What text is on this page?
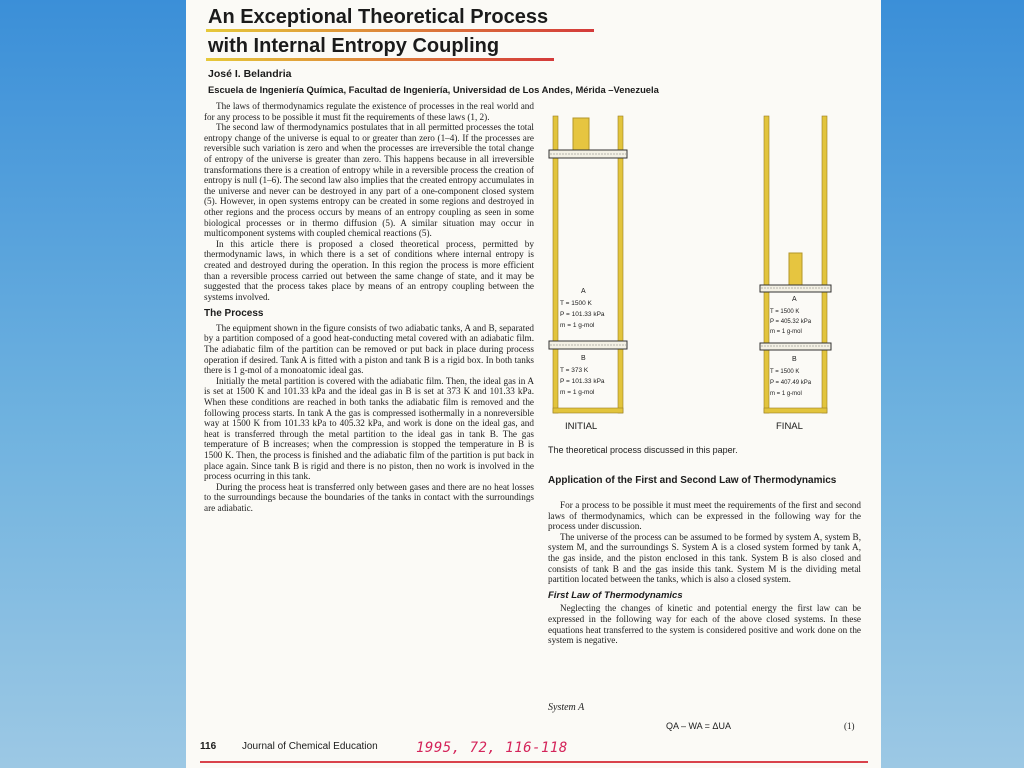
An Exceptional Theoretical Process
with Internal Entropy Coupling
José I. Belandria
Escuela de Ingeniería Química, Facultad de Ingeniería, Universidad de Los Andes, Mérida –Venezuela

The laws of thermodynamics regulate the existence of processes in the real world and for any process to be possible it must fit the requirements of these laws (1, 2).

The second law of thermodynamics postulates that in all permitted processes the total entropy change of the universe is equal to or greater than zero (1–4). If the processes are reversible such variation is zero and when the processes are irreversible the total change of entropy of the universe is greater than zero. This happens because in all irreversible transformations there is a creation of entropy while in a reversible process the creation of entropy is null (1–6). The second law also implies that the created entropy accumulates in the universe and never can be destroyed in any part of a one-component closed system (5). However, in open systems entropy can be created in some regions and destroyed in other regions and the process occurs by means of an entropy coupling as seen in some biological processes or in thermo diffusion (5). A similar situation may occur in multicomponent systems with coupled chemical reactions (5).

In this article there is proposed a closed theoretical process, permitted by thermodynamic laws, in which there is a set of conditions where internal entropy is created and destroyed during the operation. In this region the process is more efficient than a reversible process carried out between the same change of state, and it may be suggested that the process takes place by means of an entropy coupling between the systems involved.

The Process

The equipment shown in the figure consists of two adiabatic tanks, A and B, separated by a partition composed of a good heat-conducting metal covered with an adiabatic film. The adiabatic film of the partition can be removed or put back in place during process operation if desired. Tank A is fitted with a piston and tank B is a rigid box. In both tanks there is 1 g-mol of a monoatomic ideal gas.

Initially the metal partition is covered with the adiabatic film. Then, the ideal gas in A is set at 1500 K and 101.33 kPa and the ideal gas in B is set at 373 K and 101.33 kPa. When these conditions are reached in both tanks the adiabatic film is removed and the following process starts. In tank A the gas is compressed isothermally in a nonreversible way at 1500 K from 101.33 kPa to 405.32 kPa, and work is done on the ideal gas, and heat is transferred through the metal partition to the ideal gas in tank B. The gas temperature of B increases; when the compression is stopped the temperature in B is 1500 K. Then, the process is finished and the adiabatic film of the partition is put back in place again. Since tank B is rigid and there is no piston, then no work is involved in the process ocurring in this tank.

During the process heat is transferred only between gases and there are no heat losses to the surroundings because the boundaries of the tanks in contact with the surroundings are adiabatic.

A
T = 1500 K
P = 101.33 kPa
m = 1 g-mol
B
T = 373 K
P = 101.33 kPa
m = 1 g-mol
INITIAL
A
T = 1500 K
P = 405.32 kPa
m = 1 g-mol
B
T = 1500 K
P = 407.49 kPa
m = 1 g-mol
FINAL
The theoretical process discussed in this paper.
Application of the First and Second Law of Thermodynamics

For a process to be possible it must meet the requirements of the first and second laws of thermodynamics, which can be expressed in the following way for the process under discussion.

The universe of the process can be assumed to be formed by system A, system B, system M, and the surroundings S. System A is a closed system formed by tank A, the gas inside, and the piston enclosed in this tank. System B is also closed and consists of tank B and the gas inside this tank. System M is the dividing metal partition located between the tanks, which is also a closed system.

First Law of Thermodynamics

Neglecting the changes of kinetic and potential energy the first law can be expressed in the following way for each of the above closed systems. In these equations heat transferred to the system is considered positive and work done on the system is negative.

System A
QA – WA = ΔUA	(1)
116	Journal of Chemical Education	1995, 72, 116-118
